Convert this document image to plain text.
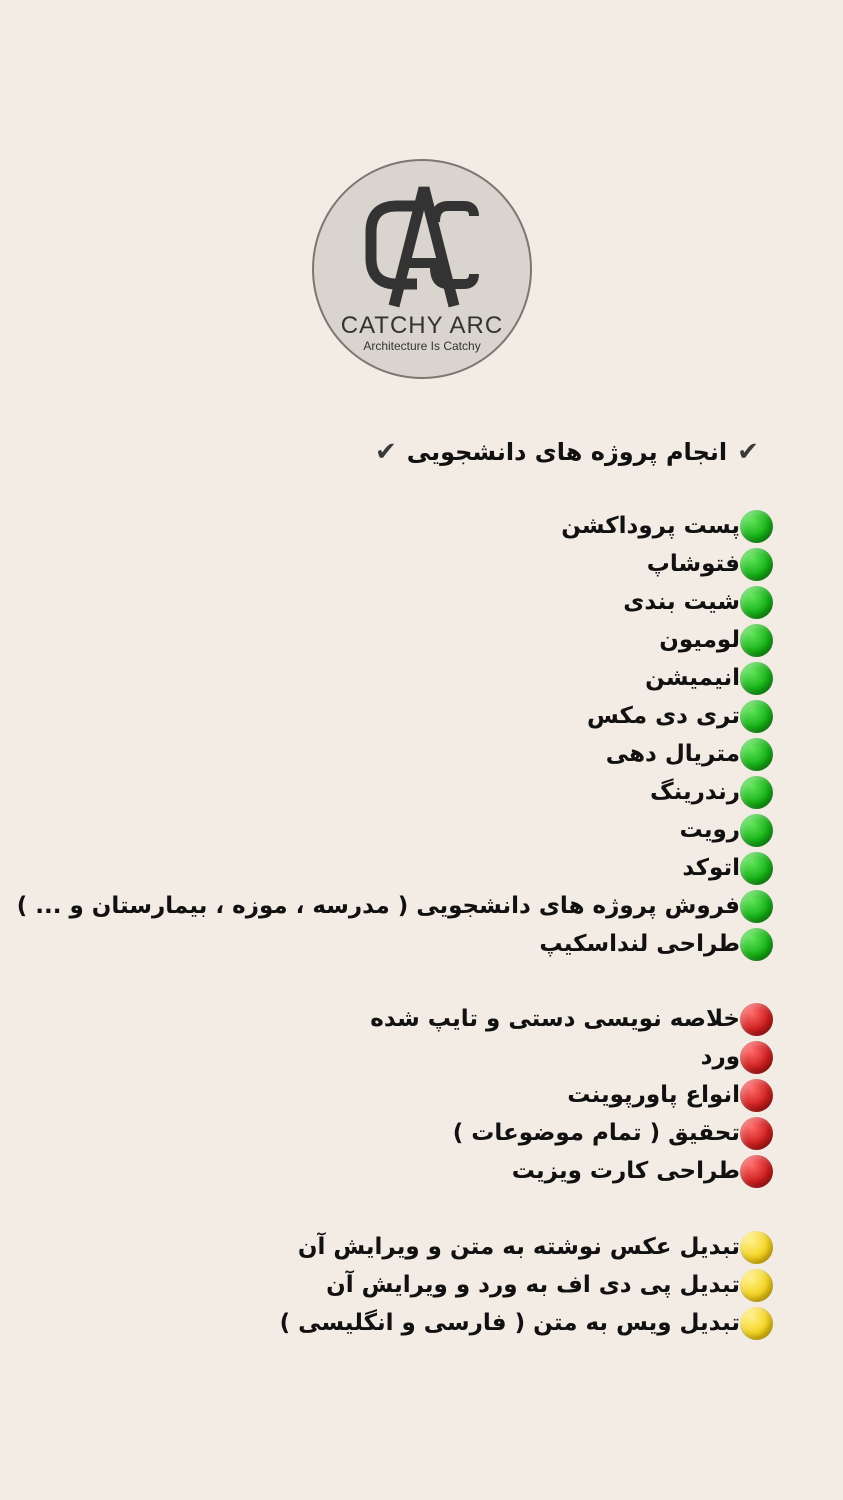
CATCHY ARC
Architecture Is Catchy
✔
انجام پروژه های دانشجویی
✔
پست پروداکشن
فتوشاپ
شیت بندی
لومیون
انیمیشن
تری دی مکس
متریال دهی
رندرینگ
رویت
اتوکد
فروش پروژه های دانشجویی ( مدرسه ، موزه ، بیمارستان و ... )
طراحی لنداسکیپ
خلاصه نویسی دستی و تایپ شده
ورد
انواع پاورپوینت
تحقیق ( تمام موضوعات )
طراحی کارت ویزیت
تبدیل عکس نوشته به متن و ویرایش آن
تبدیل پی دی اف به ورد و ویرایش آن
تبدیل ویس به متن ( فارسی و انگلیسی )
